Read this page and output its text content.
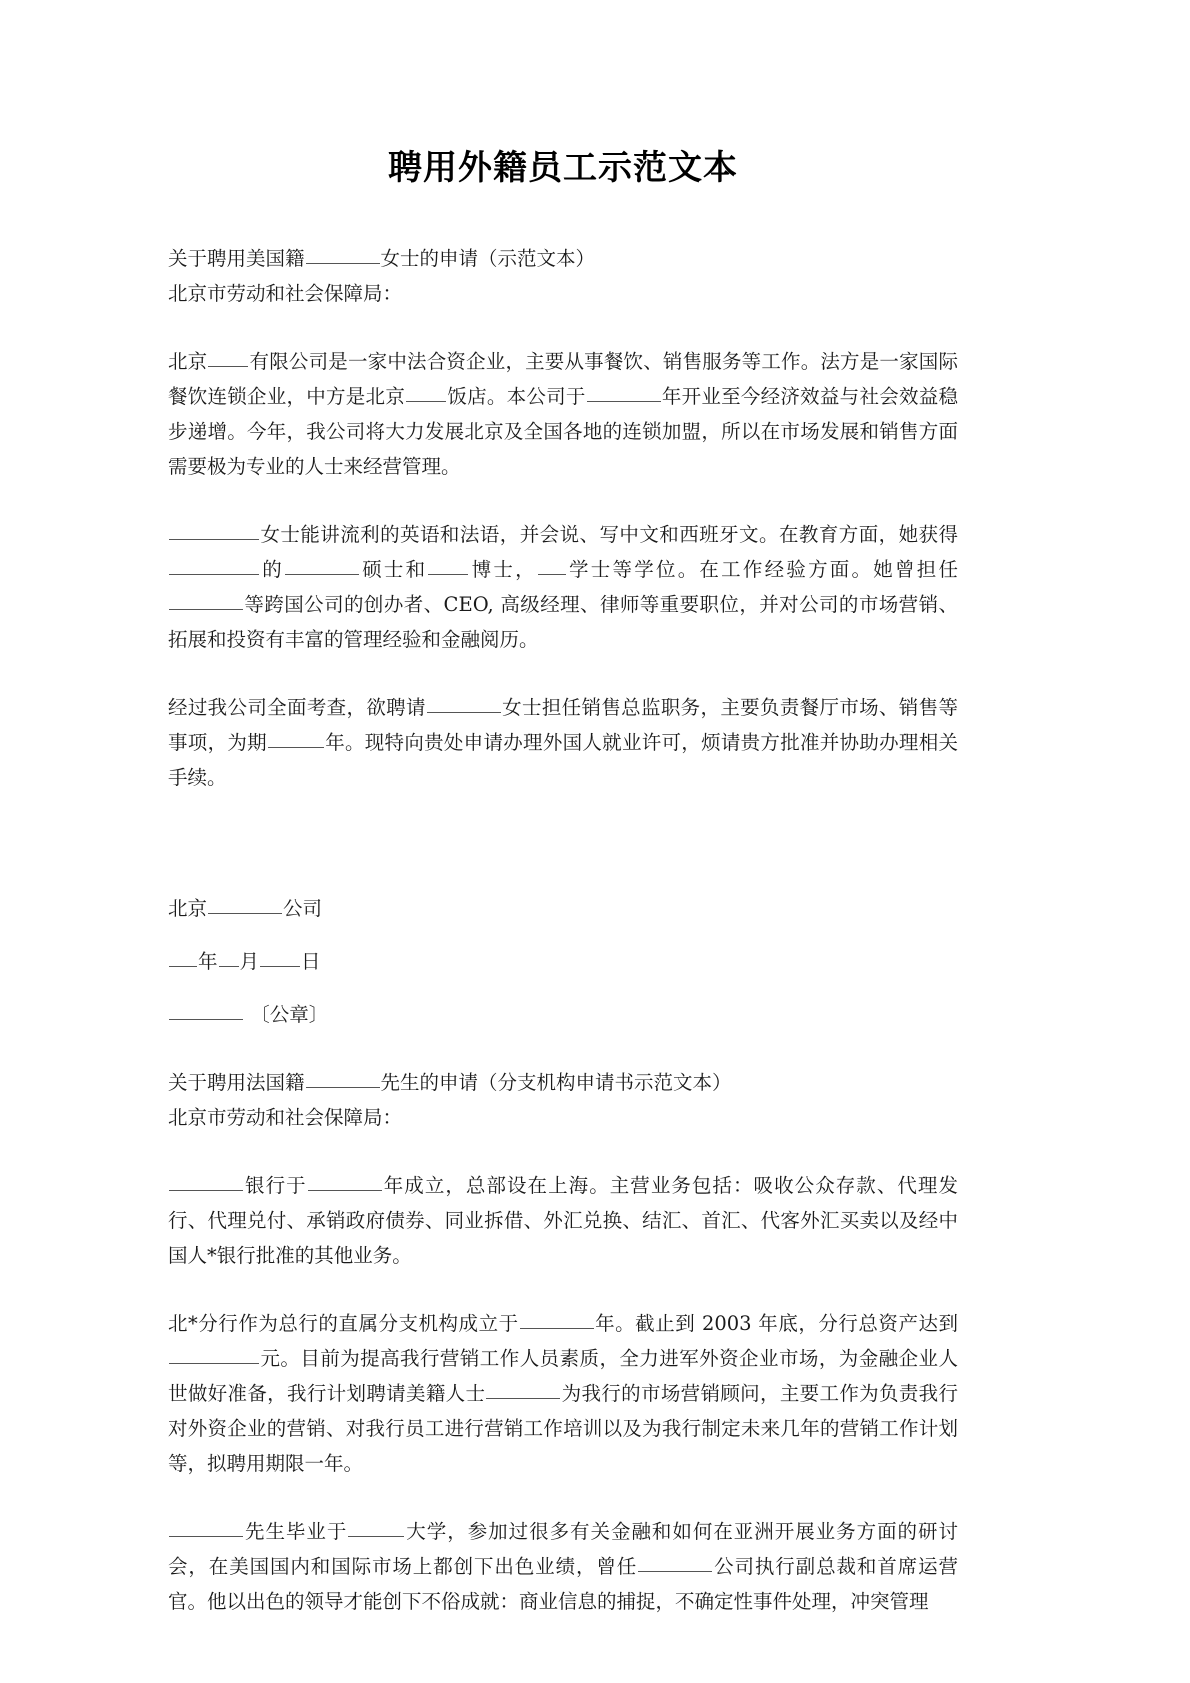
聘用外籍员工示范文本

关于聘用美国籍	女士的申请（示范文本）

北京市劳动和社会保障局：

北京 有限公司是一家中法合资企业，主要从事餐饮、销售服务等工作。法方是一家国际餐饮连锁企业，中方是北京 饭店。本公司于	年开业至今经济效益与社会效益稳步递增。今年，我公司将大力发展北京及全国各地的连锁加盟，所以在市场发展和销售方面需要极为专业的人士来经营管理。

女士能讲流利的英语和法语，并会说、写中文和西班牙文。在教育方面，她获得的	硕士和 博士， 学士等学位。在工作经验方面。她曾担任等跨国公司的创办者、CEO, 高级经理、律师等重要职位，并对公司的市场营销、拓展和投资有丰富的管理经验和金融阅历。

经过我公司全面考查，欲聘请	女士担任销售总监职务，主要负责餐厅市场、销售等事项，为期	年。现特向贵处申请办理外国人就业许可，烦请贵方批准并协助办理相关手续。

北京	公司

年 月 日

〔公章〕

关于聘用法国籍	先生的申请（分支机构申请书示范文本）

北京市劳动和社会保障局：

银行于	年成立，总部设在上海。主营业务包括：吸收公众存款、代理发行、代理兑付、承销政府债券、同业拆借、外汇兑换、结汇、首汇、代客外汇买卖以及经中国人*银行批准的其他业务。

北*分行作为总行的直属分支机构成立于	年。截止到 2003 年底，分行总资产达到元。目前为提高我行营销工作人员素质，全力进军外资企业市场，为金融企业人世做好准备，我行计划聘请美籍人士	为我行的市场营销顾问，主要工作为负责我行对外资企业的营销、对我行员工进行营销工作培训以及为我行制定未来几年的营销工作计划等，拟聘用期限一年。

先生毕业于	大学，参加过很多有关金融和如何在亚洲开展业务方面的研讨会，在美国国内和国际市场上都创下出色业绩，曾任	公司执行副总裁和首席运营官。他以出色的领导才能创下不俗成就：商业信息的捕捉，不确定性事件处理，冲突管理
